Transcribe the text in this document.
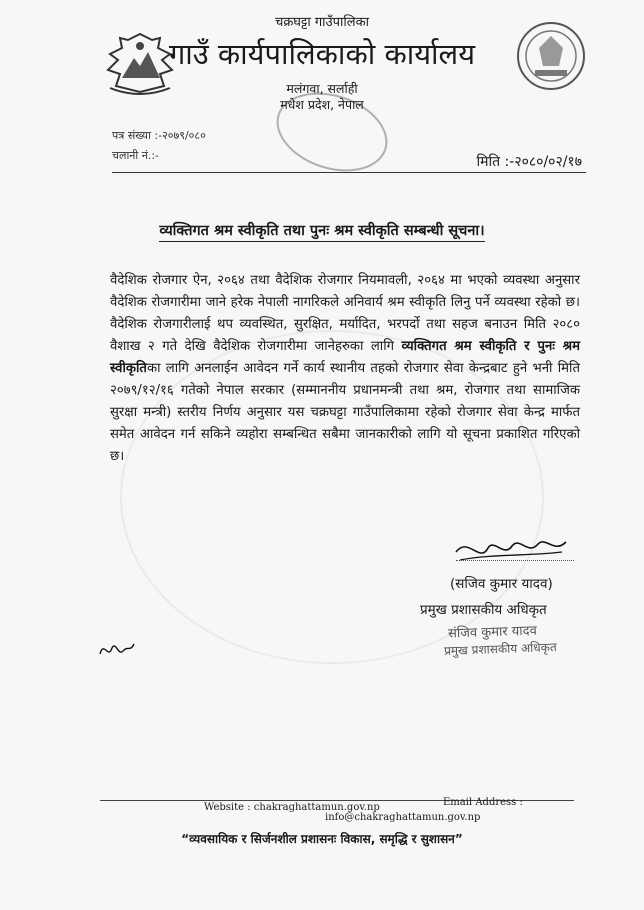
चक्रघट्टा गाउँपालिका
गाउँ कार्यपालिकाको कार्यालय
मलंगवा, सर्लाही
मधेश प्रदेश, नेपाल
पत्र संख्या :-२०७९/०८०
चलानी नं.:-	मिति :-२०८०/०२/१७
व्यक्तिगत श्रम स्वीकृति तथा पुनः श्रम स्वीकृति सम्बन्धी सूचना।

वैदेशिक रोजगार ऐन, २०६४ तथा वैदेशिक रोजगार नियमावली, २०६४ मा भएको व्यवस्था अनुसार वैदेशिक रोजगारीमा जाने हरेक नेपाली नागरिकले अनिवार्य श्रम स्वीकृति लिनु पर्ने व्यवस्था रहेको छ। वैदेशिक रोजगारीलाई थप व्यवस्थित, सुरक्षित, मर्यादित, भरपर्दो तथा सहज बनाउन मिति २०८० वैशाख २ गते देखि वैदेशिक रोजगारीमा जानेहरुका लागि व्यक्तिगत श्रम स्वीकृति र पुनः श्रम स्वीकृतिका लागि अनलाईन आवेदन गर्ने कार्य स्थानीय तहको रोजगार सेवा केन्द्रबाट हुने भनी मिति २०७९/१२/१६ गतेको नेपाल सरकार (सम्माननीय प्रधानमन्त्री तथा श्रम, रोजगार तथा सामाजिक सुरक्षा मन्त्री) स्तरीय निर्णय अनुसार यस चक्रघट्टा गाउँपालिकामा रहेको रोजगार सेवा केन्द्र मार्फत समेत आवेदन गर्न सकिने व्यहोरा सम्बन्धित सबैमा जानकारीको लागि यो सूचना प्रकाशित गरिएको छ।

(सजिव कुमार यादव)
प्रमुख प्रशासकीय अधिकृत
संजिव कुमार यादव
प्रमुख प्रशासकीय अधिकृत
Website : chakraghattamun.gov.np	Email Address :
info@chakraghattamun.gov.np
“व्यवसायिक र सिर्जनशील प्रशासनः विकास, समृद्धि र सुशासन”
